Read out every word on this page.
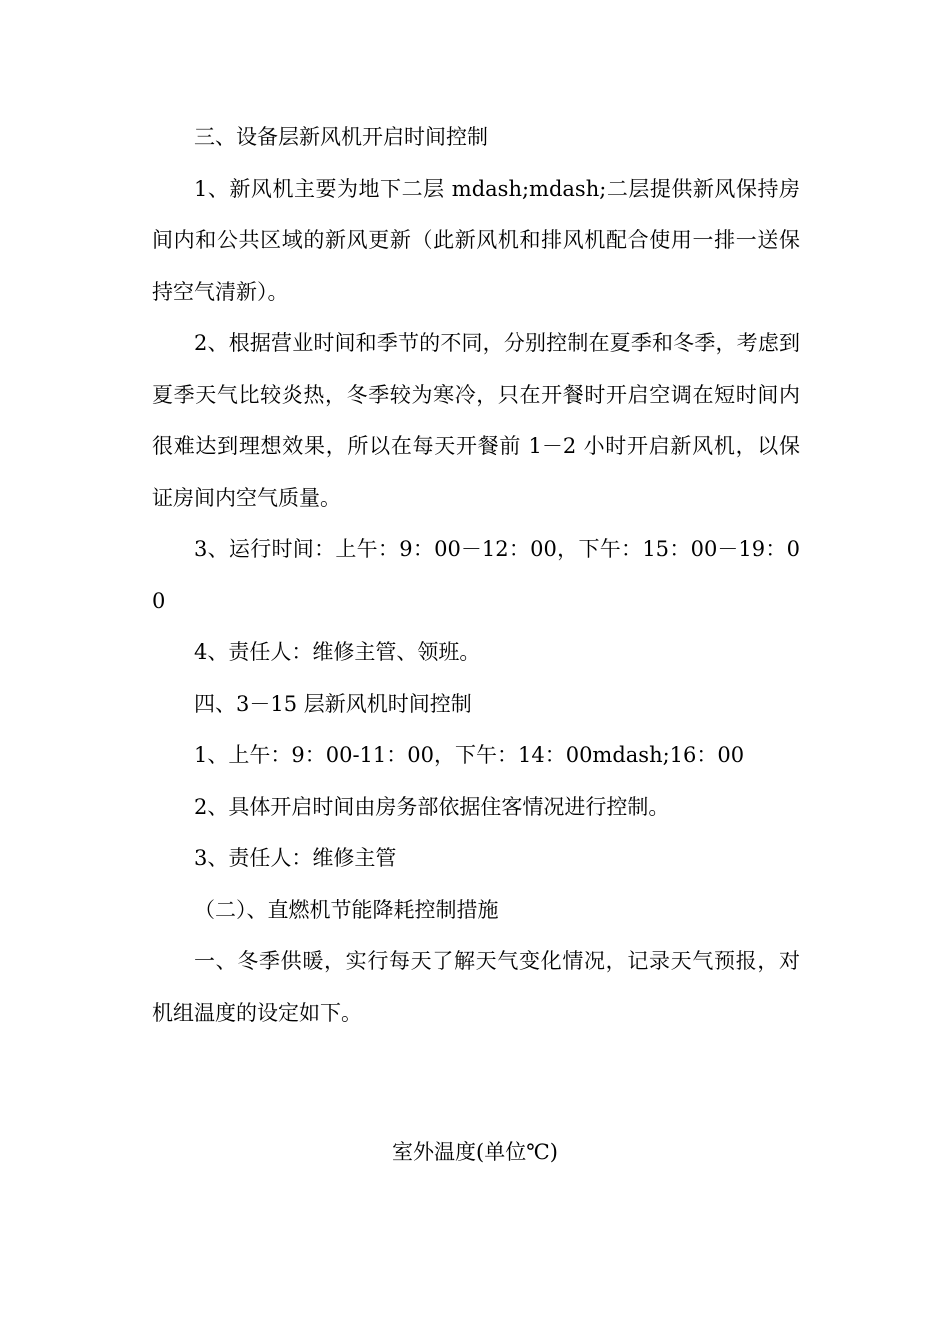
三、设备层新风机开启时间控制

1、新风机主要为地下二层 mdash;mdash;二层提供新风保持房间内和公共区域的新风更新（此新风机和排风机配合使用一排一送保持空气清新）。

2、根据营业时间和季节的不同，分别控制在夏季和冬季，考虑到夏季天气比较炎热，冬季较为寒冷，只在开餐时开启空调在短时间内很难达到理想效果，所以在每天开餐前 1－2 小时开启新风机，以保证房间内空气质量。

3、运行时间：上午：9：00－12：00，下午：15：00－19：00

4、责任人：维修主管、领班。

四、3－15 层新风机时间控制

1、上午：9：00-11：00，下午：14：00mdash;16：00

2、具体开启时间由房务部依据住客情况进行控制。

3、责任人：维修主管

（二）、直燃机节能降耗控制措施

一、冬季供暖，实行每天了解天气变化情况，记录天气预报，对机组温度的设定如下。

室外温度(单位℃)
